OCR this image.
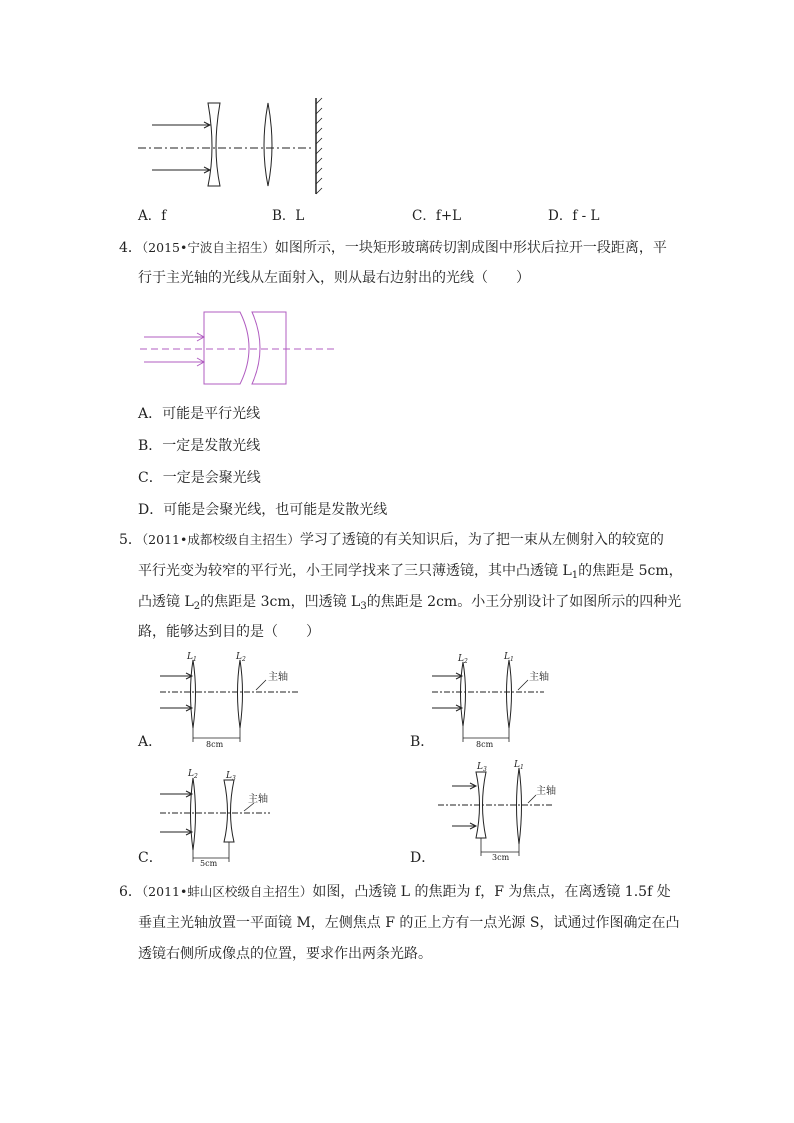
A．f	B．L	C．f+L	D．f - L
4．（2015•宁波自主招生）如图所示，一块矩形玻璃砖切割成图中形状后拉开一段距离，平
行于主光轴的光线从左面射入，则从最右边射出的光线（　　）
A．可能是平行光线
B．一定是发散光线
C．一定是会聚光线
D．可能是会聚光线，也可能是发散光线
5．（2011•成都校级自主招生）学习了透镜的有关知识后，为了把一束从左侧射入的较宽的
平行光变为较窄的平行光，小王同学找来了三只薄透镜，其中凸透镜 $L_1$的焦距是 5cm，
凸透镜 $L_2$的焦距是 3cm，凹透镜 $L_3$的焦距是 2cm。小王分别设计了如图所示的四种光
路，能够达到目的是（　　）
$L_1$	$L_2$
主轴
8cm
A．
$L_2$	$L_1$
主轴
8cm
B．
$L_2$	$L_3$
主轴
5cm
C．
$L_3$	$L_1$
主轴
3cm
D．
6．（2011•蚌山区校级自主招生）如图，凸透镜 L 的焦距为 f，F 为焦点，在离透镜 1.5f 处
垂直主光轴放置一平面镜 M，左侧焦点 F 的正上方有一点光源 S，试通过作图确定在凸
透镜右侧所成像点的位置，要求作出两条光路。
